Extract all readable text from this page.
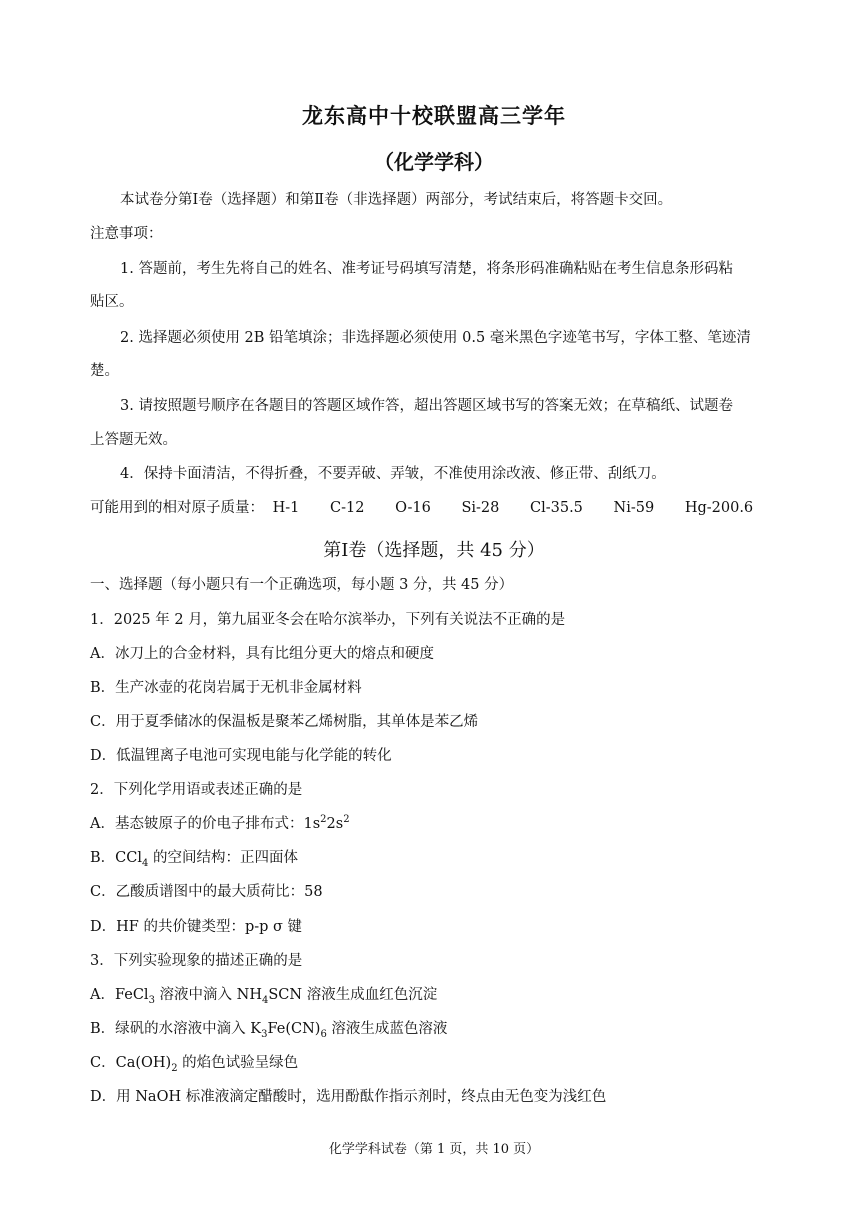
龙东高中十校联盟高三学年
（化学学科）
本试卷分第Ⅰ卷（选择题）和第Ⅱ卷（非选择题）两部分，考试结束后，将答题卡交回。
注意事项：
1. 答题前，考生先将自己的姓名、准考证号码填写清楚，将条形码准确粘贴在考生信息条形码粘
贴区。
2. 选择题必须使用 2B 铅笔填涂；非选择题必须使用 0.5 毫米黑色字迹笔书写，字体工整、笔迹清
楚。
3. 请按照题号顺序在各题目的答题区域作答，超出答题区域书写的答案无效；在草稿纸、试题卷
上答题无效。
4．保持卡面清洁，不得折叠，不要弄破、弄皱，不准使用涂改液、修正带、刮纸刀。
可能用到的相对原子质量： H-1 C-12 O-16 Si-28 Cl-35.5 Ni-59 Hg-200.6
第Ⅰ卷（选择题，共 45 分）
一、选择题（每小题只有一个正确选项，每小题 3 分，共 45 分）
1．2025 年 2 月，第九届亚冬会在哈尔滨举办，下列有关说法不正确的是
A．冰刀上的合金材料，具有比组分更大的熔点和硬度
B．生产冰壶的花岗岩属于无机非金属材料
C．用于夏季储冰的保温板是聚苯乙烯树脂，其单体是苯乙烯
D．低温锂离子电池可实现电能与化学能的转化
2．下列化学用语或表述正确的是
A．基态铍原子的价电子排布式：$1s^22s^2$
B．CCl$_4$ 的空间结构：正四面体
C．乙酸质谱图中的最大质荷比：58
D．HF 的共价键类型：p-p σ 键
3．下列实验现象的描述正确的是
A．FeCl$_3$ 溶液中滴入 $NH_4SCN$ 溶液生成血红色沉淀
B．绿矾的水溶液中滴入 $K_3Fe(CN)_6$ 溶液生成蓝色溶液
C．$Ca(OH)_2$ 的焰色试验呈绿色
D．用 NaOH 标准液滴定醋酸时，选用酚酞作指示剂时，终点由无色变为浅红色
化学学科试卷（第 1 页，共 10 页）
